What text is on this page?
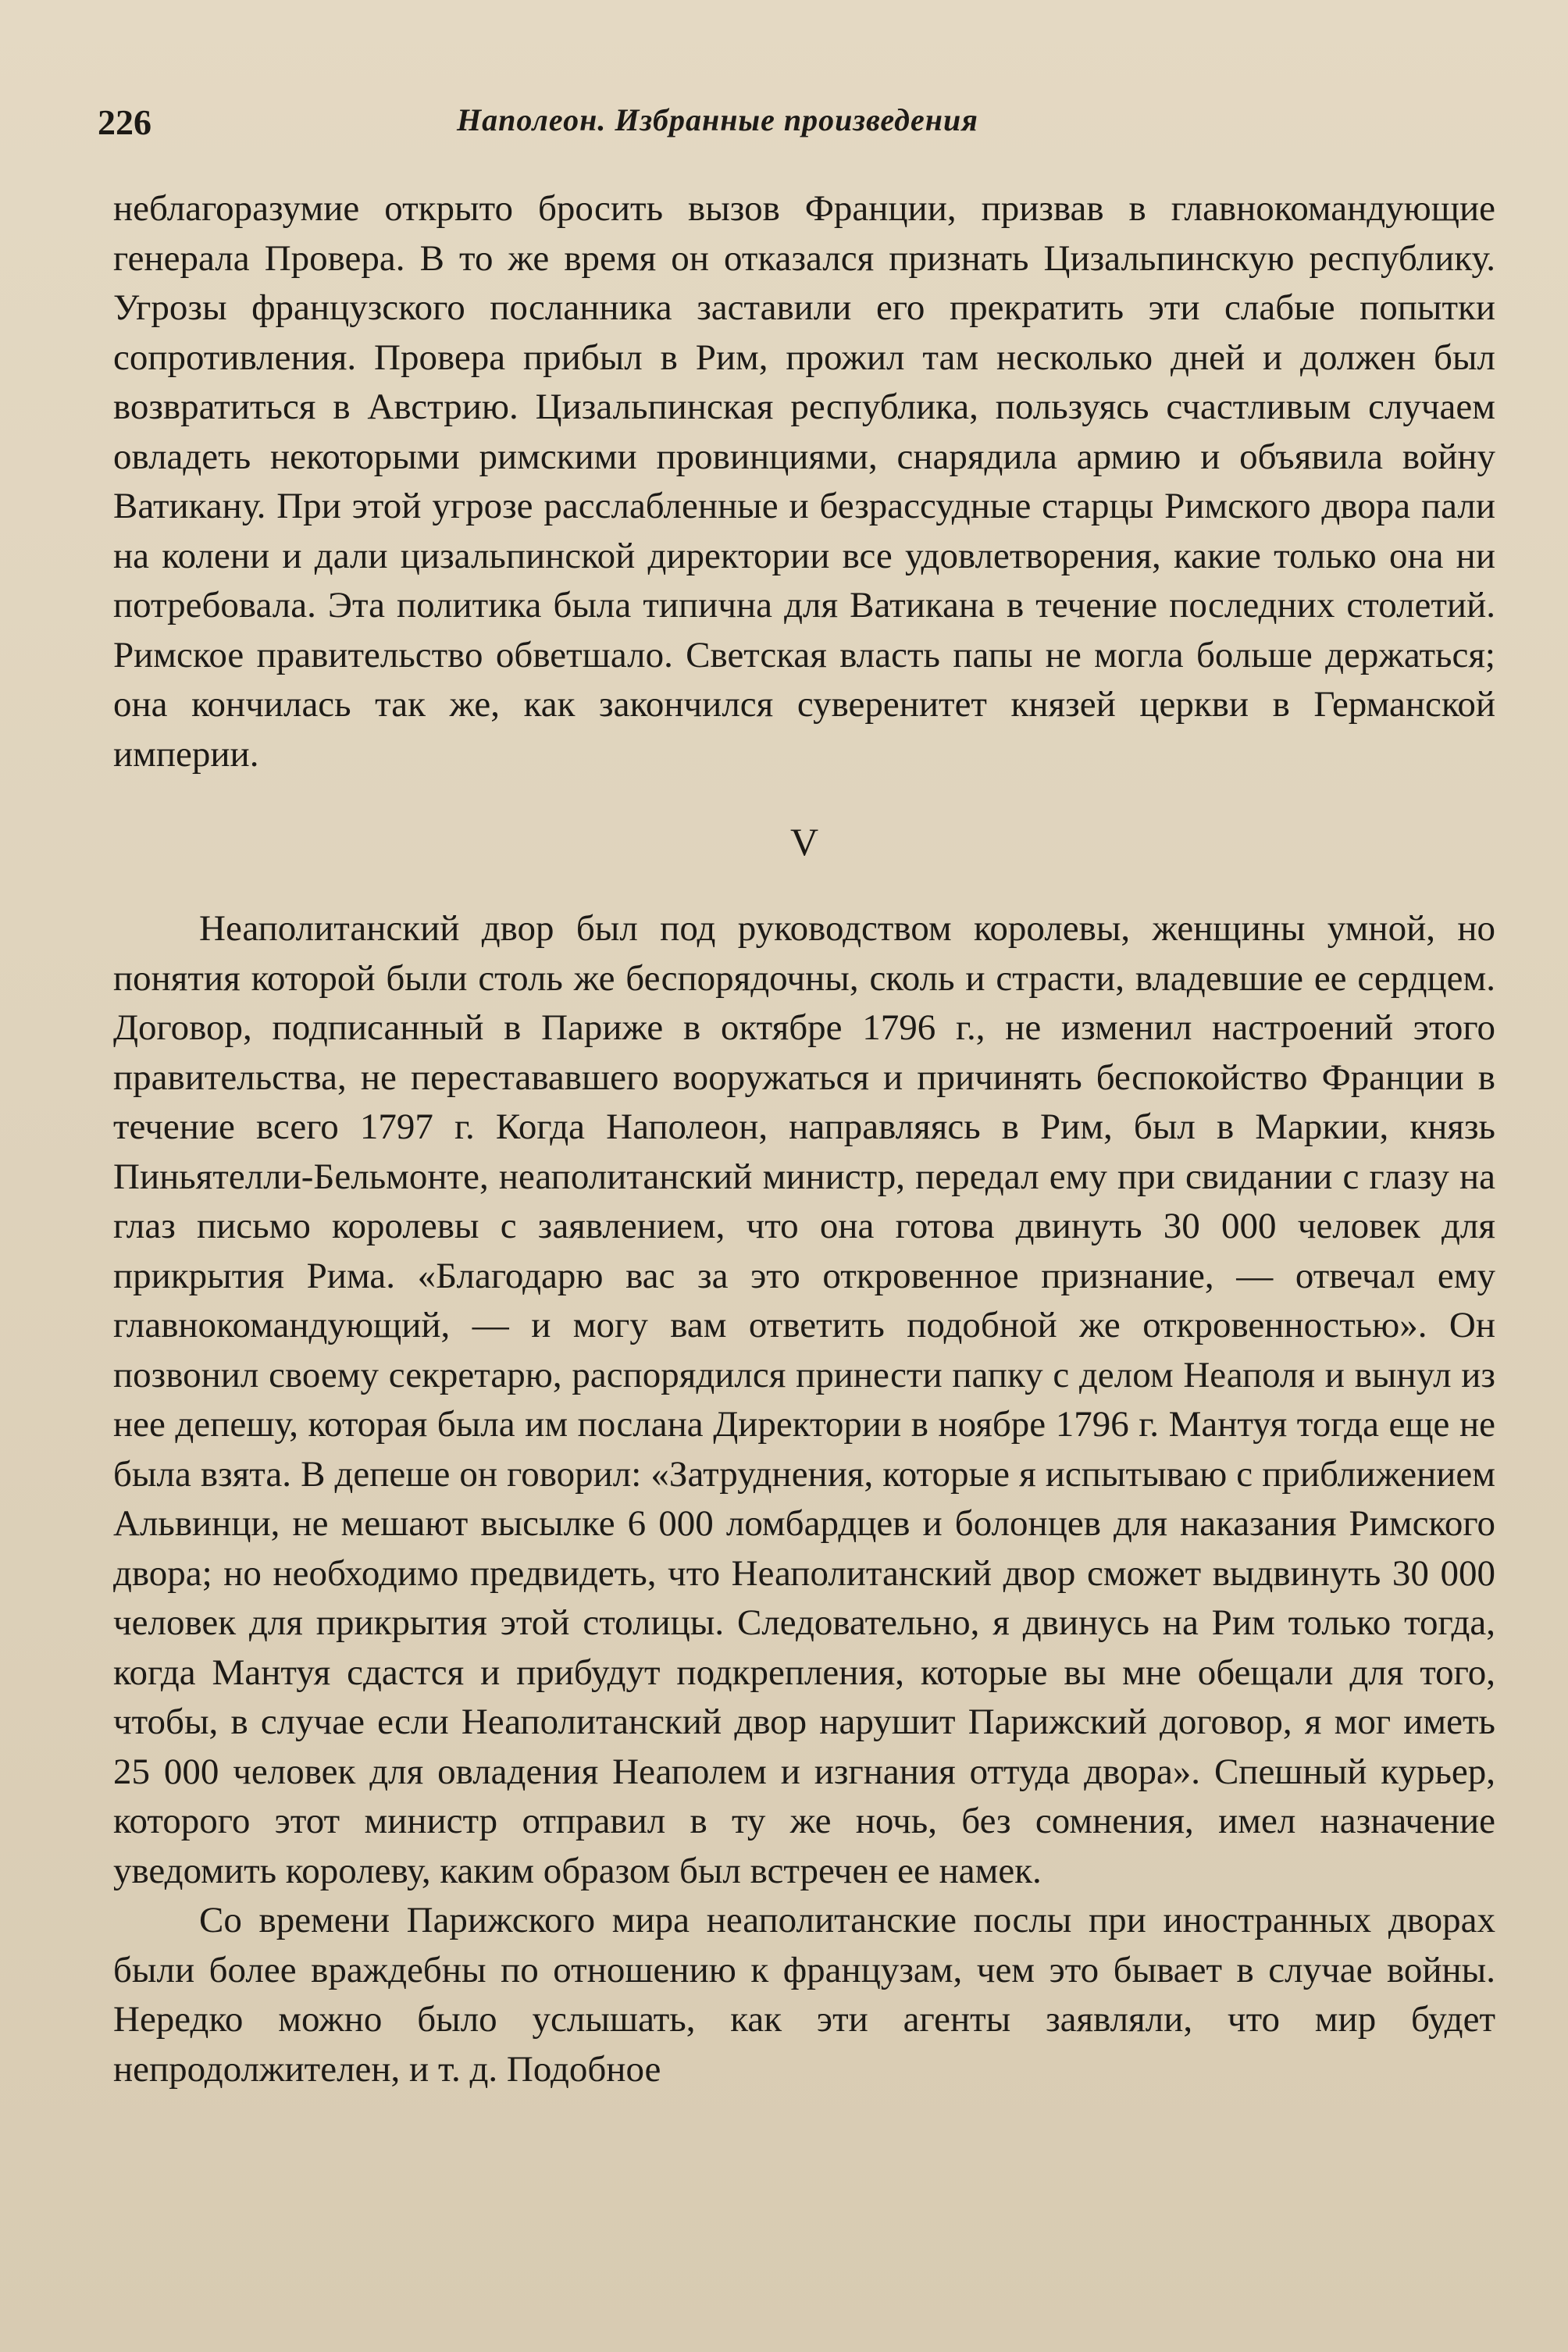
226	Наполеон. Избранные произведения

неблагоразумие открыто бросить вызов Франции, призвав в главнокомандующие генерала Провера. В то же время он отказался признать Цизальпинскую республику. Угрозы французского посланника заставили его прекратить эти слабые попытки сопротивления. Провера прибыл в Рим, прожил там несколько дней и должен был возвратиться в Австрию. Цизальпинская республика, пользуясь счастливым случаем овладеть некоторыми римскими провинциями, снарядила армию и объявила войну Ватикану. При этой угрозе расслабленные и безрассудные старцы Римского двора пали на колени и дали цизальпинской директории все удовлетворения, какие только она ни потребовала. Эта политика была типична для Ватикана в течение последних столетий. Римское правительство обветшало. Светская власть папы не могла больше держаться; она кончилась так же, как закончился суверенитет князей церкви в Германской империи.

V

Неаполитанский двор был под руководством королевы, женщины умной, но понятия которой были столь же беспорядочны, сколь и страсти, владевшие ее сердцем. Договор, подписанный в Париже в октябре 1796 г., не изменил настроений этого правительства, не перестававшего вооружаться и причинять беспокойство Франции в течение всего 1797 г. Когда Наполеон, направляясь в Рим, был в Маркии, князь Пиньятелли-Бельмонте, неаполитанский министр, передал ему при свидании с глазу на глаз письмо королевы с заявлением, что она готова двинуть 30 000 человек для прикрытия Рима. «Благодарю вас за это откровенное признание, — отвечал ему главнокомандующий, — и могу вам ответить подобной же откровенностью». Он позвонил своему секретарю, распорядился принести папку с делом Неаполя и вынул из нее депешу, которая была им послана Директории в ноябре 1796 г. Мантуя тогда еще не была взята. В депеше он говорил: «Затруднения, которые я испытываю с приближением Альвинци, не мешают высылке 6 000 ломбардцев и болонцев для наказания Римского двора; но необходимо предвидеть, что Неаполитанский двор сможет выдвинуть 30 000 человек для прикрытия этой столицы. Следовательно, я двинусь на Рим только тогда, когда Мантуя сдастся и прибудут подкрепления, которые вы мне обещали для того, чтобы, в случае если Неаполитанский двор нарушит Парижский договор, я мог иметь 25 000 человек для овладения Неаполем и изгнания оттуда двора». Спешный курьер, которого этот министр отправил в ту же ночь, без сомнения, имел назначение уведомить королеву, каким образом был встречен ее намек.

Со времени Парижского мира неаполитанские послы при иностранных дворах были более враждебны по отношению к французам, чем это бывает в случае войны. Нередко можно было услышать, как эти агенты заявляли, что мир будет непродолжителен, и т. д. Подобное
